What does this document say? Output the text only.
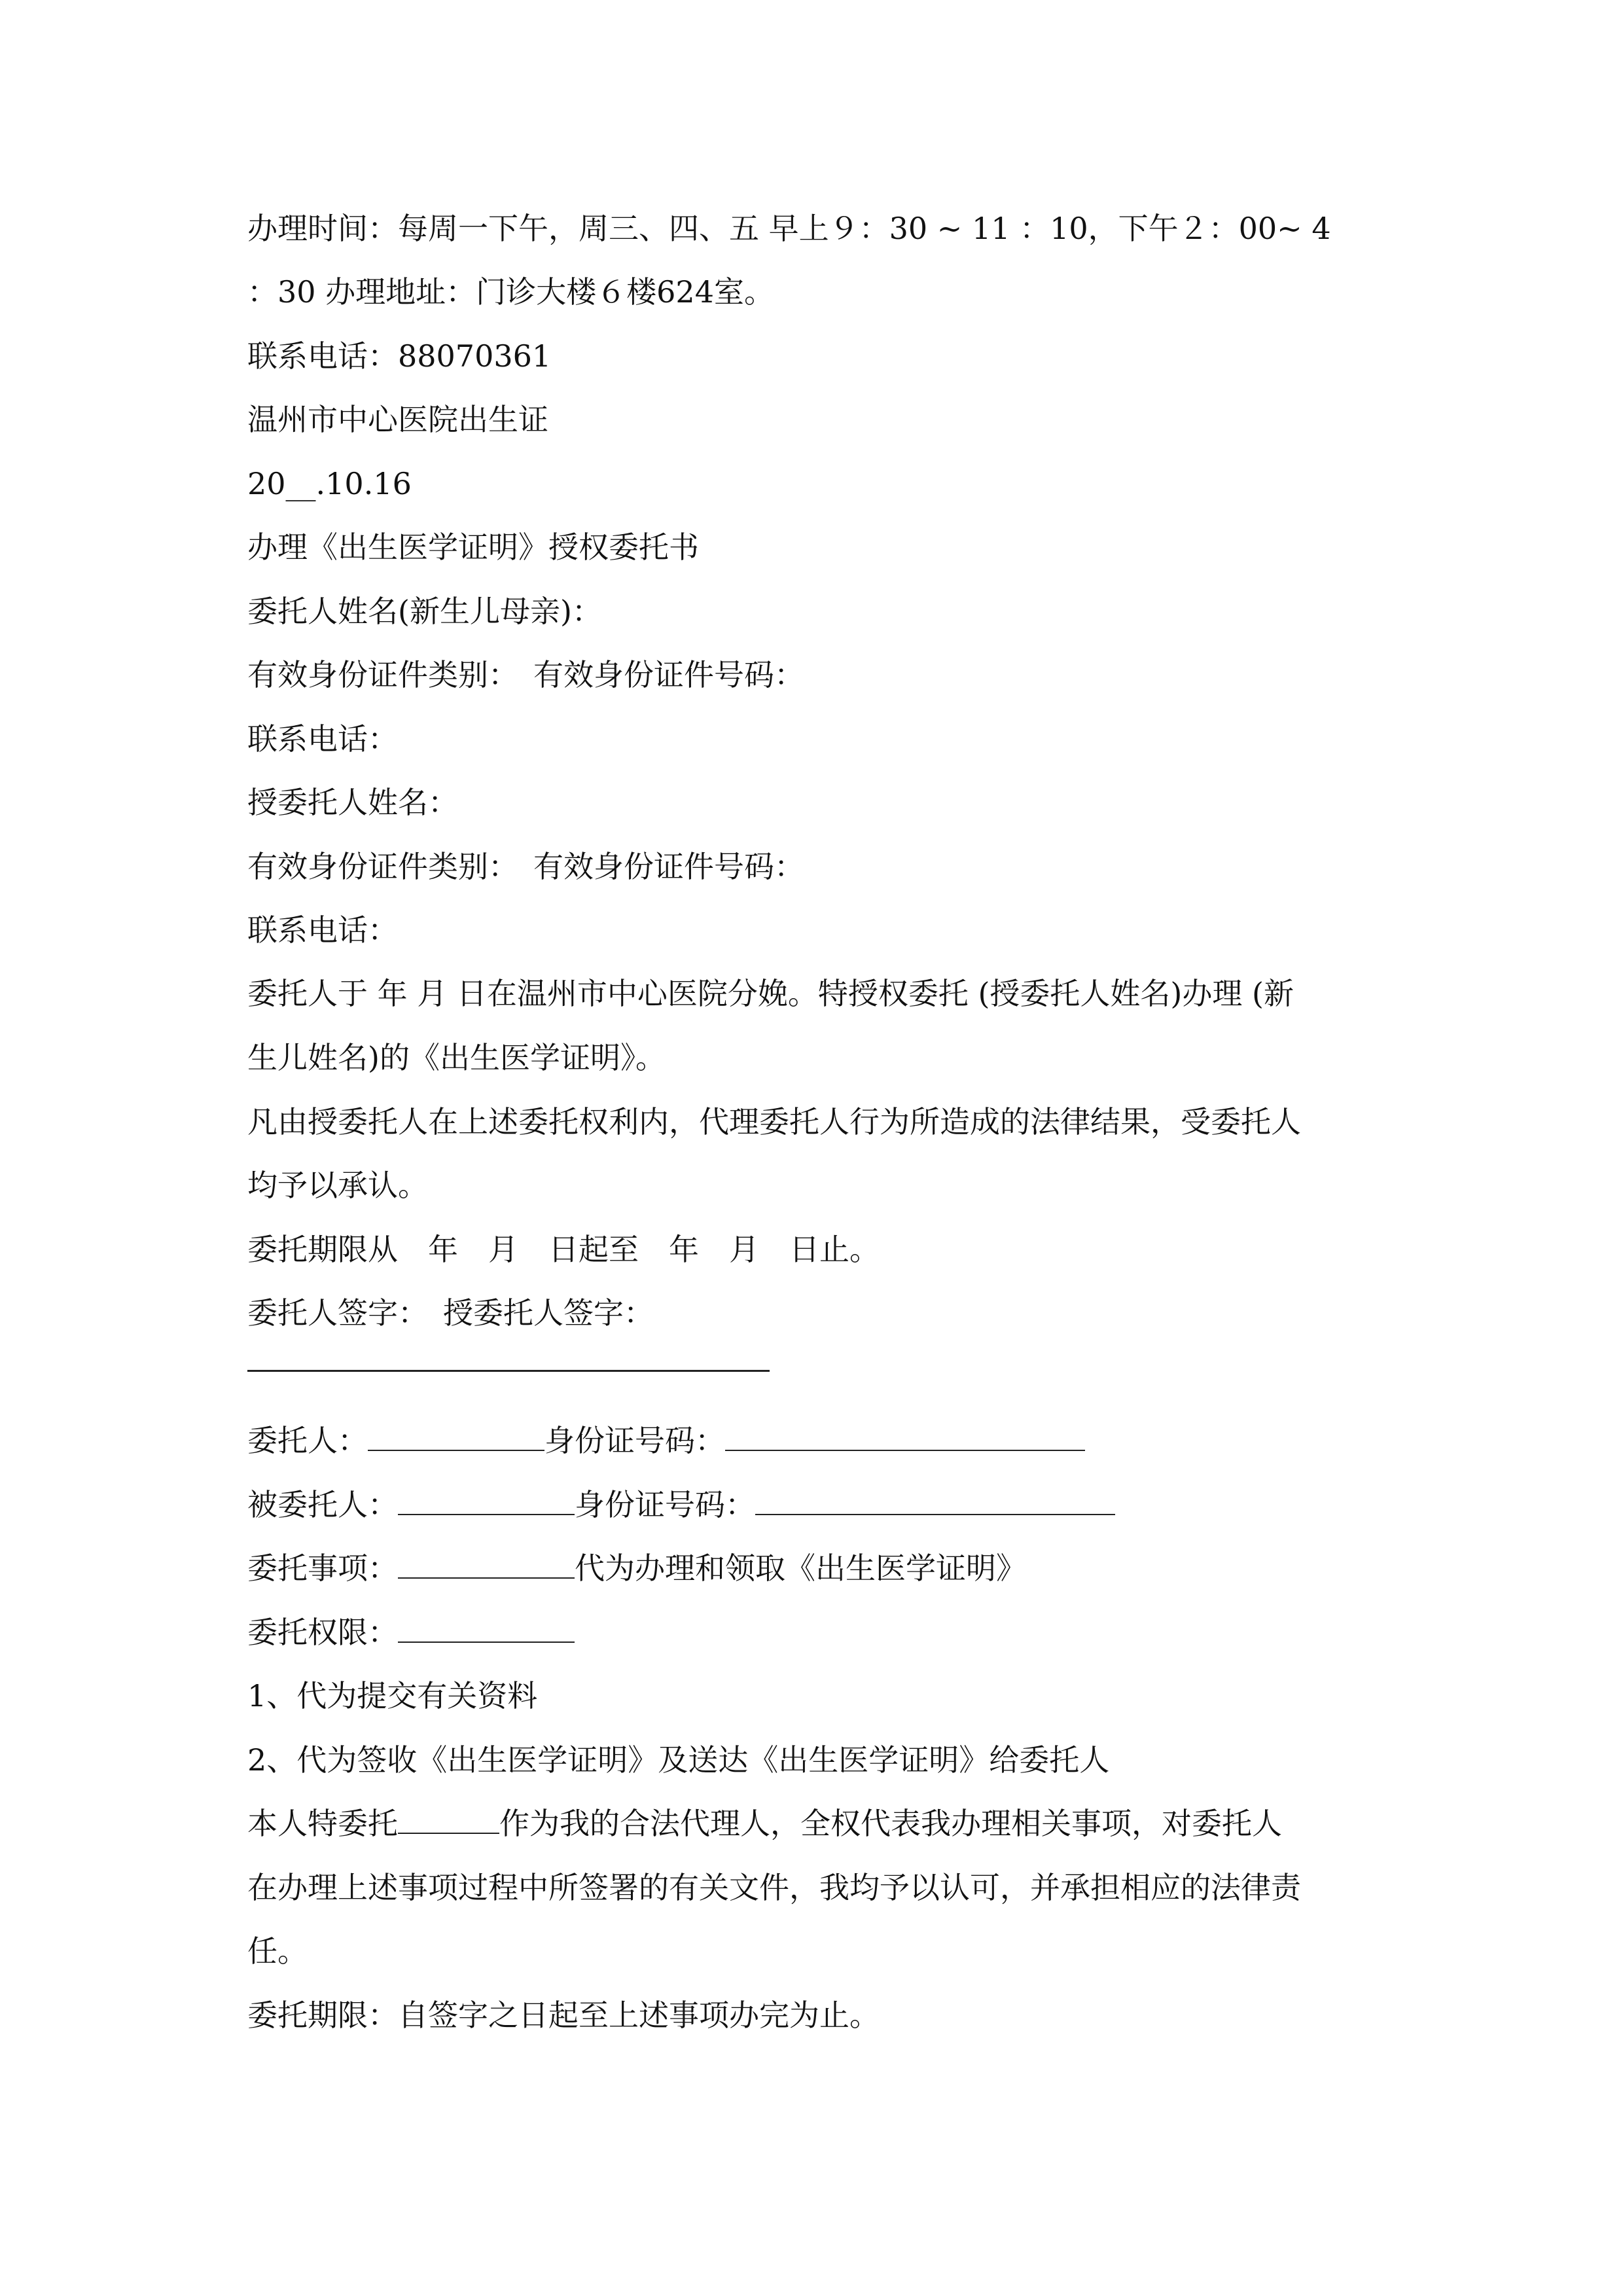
办理时间：每周一下午，周三、四、五 早上９：30 ~ 11 ：10，下午２：00~ 4
：30 办理地址：门诊大楼６楼624室。
联系电话：88070361
温州市中心医院出生证
20__.10.16
办理《出生医学证明》授权委托书
委托人姓名(新生儿母亲)：
有效身份证件类别：　有效身份证件号码：
联系电话：
授委托人姓名：
有效身份证件类别：　有效身份证件号码：
联系电话：
委托人于 年 月 日在温州市中心医院分娩。特授权委托 (授委托人姓名)办理 (新
生儿姓名)的《出生医学证明》。
凡由授委托人在上述委托权利内，代理委托人行为所造成的法律结果，受委托人
均予以承认。
委托期限从　年　月　日起至　年　月　日止。
委托人签字：　授委托人签字：
委托人：	身份证号码：
被委托人：	身份证号码：
委托事项：	代为办理和领取《出生医学证明》
委托权限：
1、代为提交有关资料
2、代为签收《出生医学证明》及送达《出生医学证明》给委托人
本人特委托	作为我的合法代理人，全权代表我办理相关事项，对委托人
在办理上述事项过程中所签署的有关文件，我均予以认可，并承担相应的法律责
任。
委托期限：自签字之日起至上述事项办完为止。
